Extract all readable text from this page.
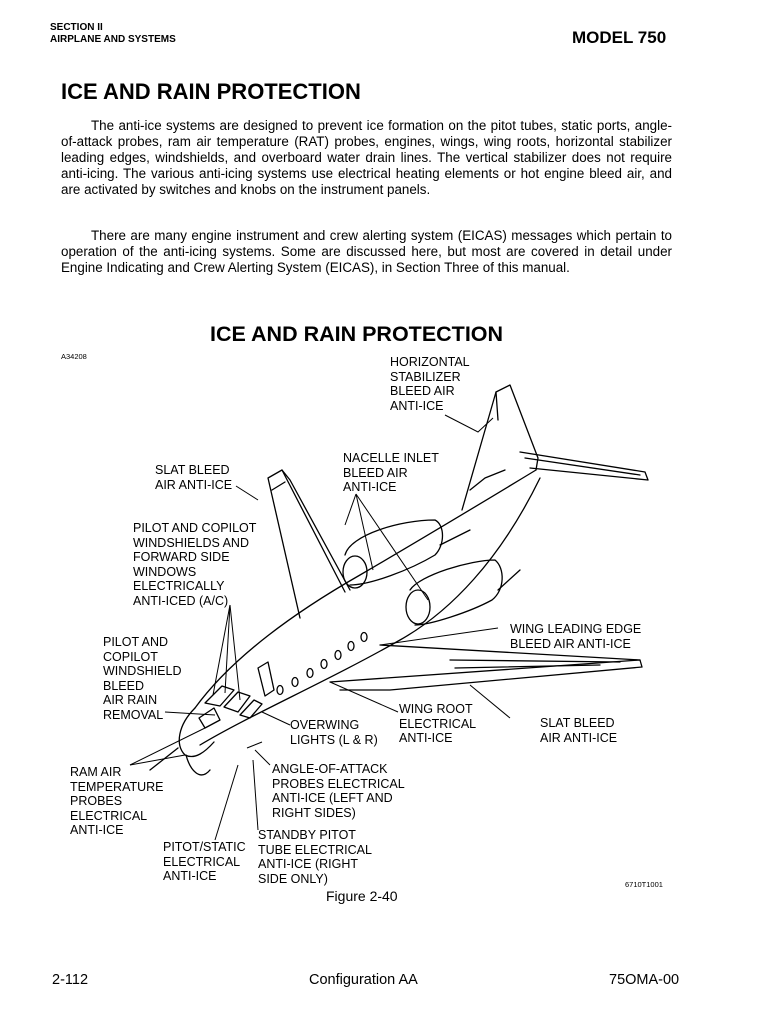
SECTION II
AIRPLANE AND SYSTEMS	MODEL 750
ICE AND RAIN PROTECTION
The anti-ice systems are designed to prevent ice formation on the pitot tubes, static ports, angle-of-attack probes, ram air temperature (RAT) probes, engines, wings, wing roots, horizontal stabilizer leading edges, windshields, and overboard water drain lines. The vertical stabilizer does not require anti-icing. The various anti-icing systems use electrical heating elements or hot engine bleed air, and are activated by switches and knobs on the instrument panels.
There are many engine instrument and crew alerting system (EICAS) messages which pertain to operation of the anti-icing systems. Some are discussed here, but most are covered in detail under Engine Indicating and Crew Alerting System (EICAS), in Section Three of this manual.
ICE AND RAIN PROTECTION
A34208	HORIZONTAL
STABILIZER
BLEED AIR
ANTI-ICE
NACELLE INLET
BLEED AIR
ANTI-ICE
SLAT BLEED
AIR ANTI-ICE
PILOT AND COPILOT
WINDSHIELDS AND
FORWARD SIDE
WINDOWS
ELECTRICALLY
ANTI-ICED (A/C)
WING LEADING EDGE
BLEED AIR ANTI-ICE
PILOT AND
COPILOT
WINDSHIELD
BLEED
AIR RAIN
REMOVAL	WING ROOT
ELECTRICAL
ANTI-ICE
OVERWING
LIGHTS (L & R)
SLAT BLEED
AIR ANTI-ICE
RAM AIR
TEMPERATURE
PROBES
ELECTRICAL
ANTI-ICE
ANGLE-OF-ATTACK
PROBES ELECTRICAL
ANTI-ICE (LEFT AND
RIGHT SIDES)
STANDBY PITOT
TUBE ELECTRICAL
ANTI-ICE (RIGHT
SIDE ONLY)
PITOT/STATIC
ELECTRICAL
ANTI-ICE
6710T1001
Figure 2-40
2-112	Configuration AA	75OMA-00
